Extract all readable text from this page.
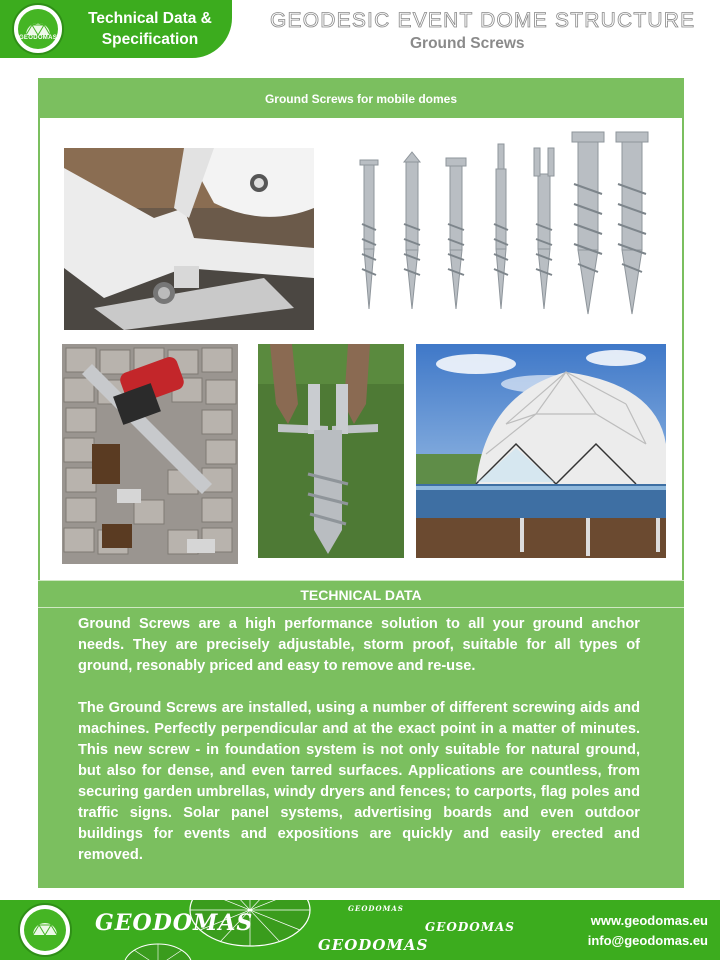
GEODOMAS
Technical Data &
Specification
GEODESIC EVENT DOME STRUCTURE
Ground Screws
Ground Screws for mobile domes
TECHNICAL DATA

Ground Screws are a high performance solution to all your ground anchor needs. They are precisely adjustable, storm proof, suitable for all types of ground, resonably priced and easy to remove and re-use.

The Ground Screws are installed, using a number of different screwing aids and machines. Perfectly perpendicular and at the exact point in a matter of minutes. This new screw - in foundation system is not only suitable for natural ground, but also for dense, and even tarred surfaces. Applications are countless, from securing garden umbrellas, windy dryers and fences; to carports, flag poles and traffic signs. Solar panel systems, advertising boards and even outdoor buildings for events and expositions are quickly and easily erected and removed.

GEODOMAS
GEODOMAS
GEODOMAS
GEODOMAS
www.geodomas.eu
info@geodomas.eu
